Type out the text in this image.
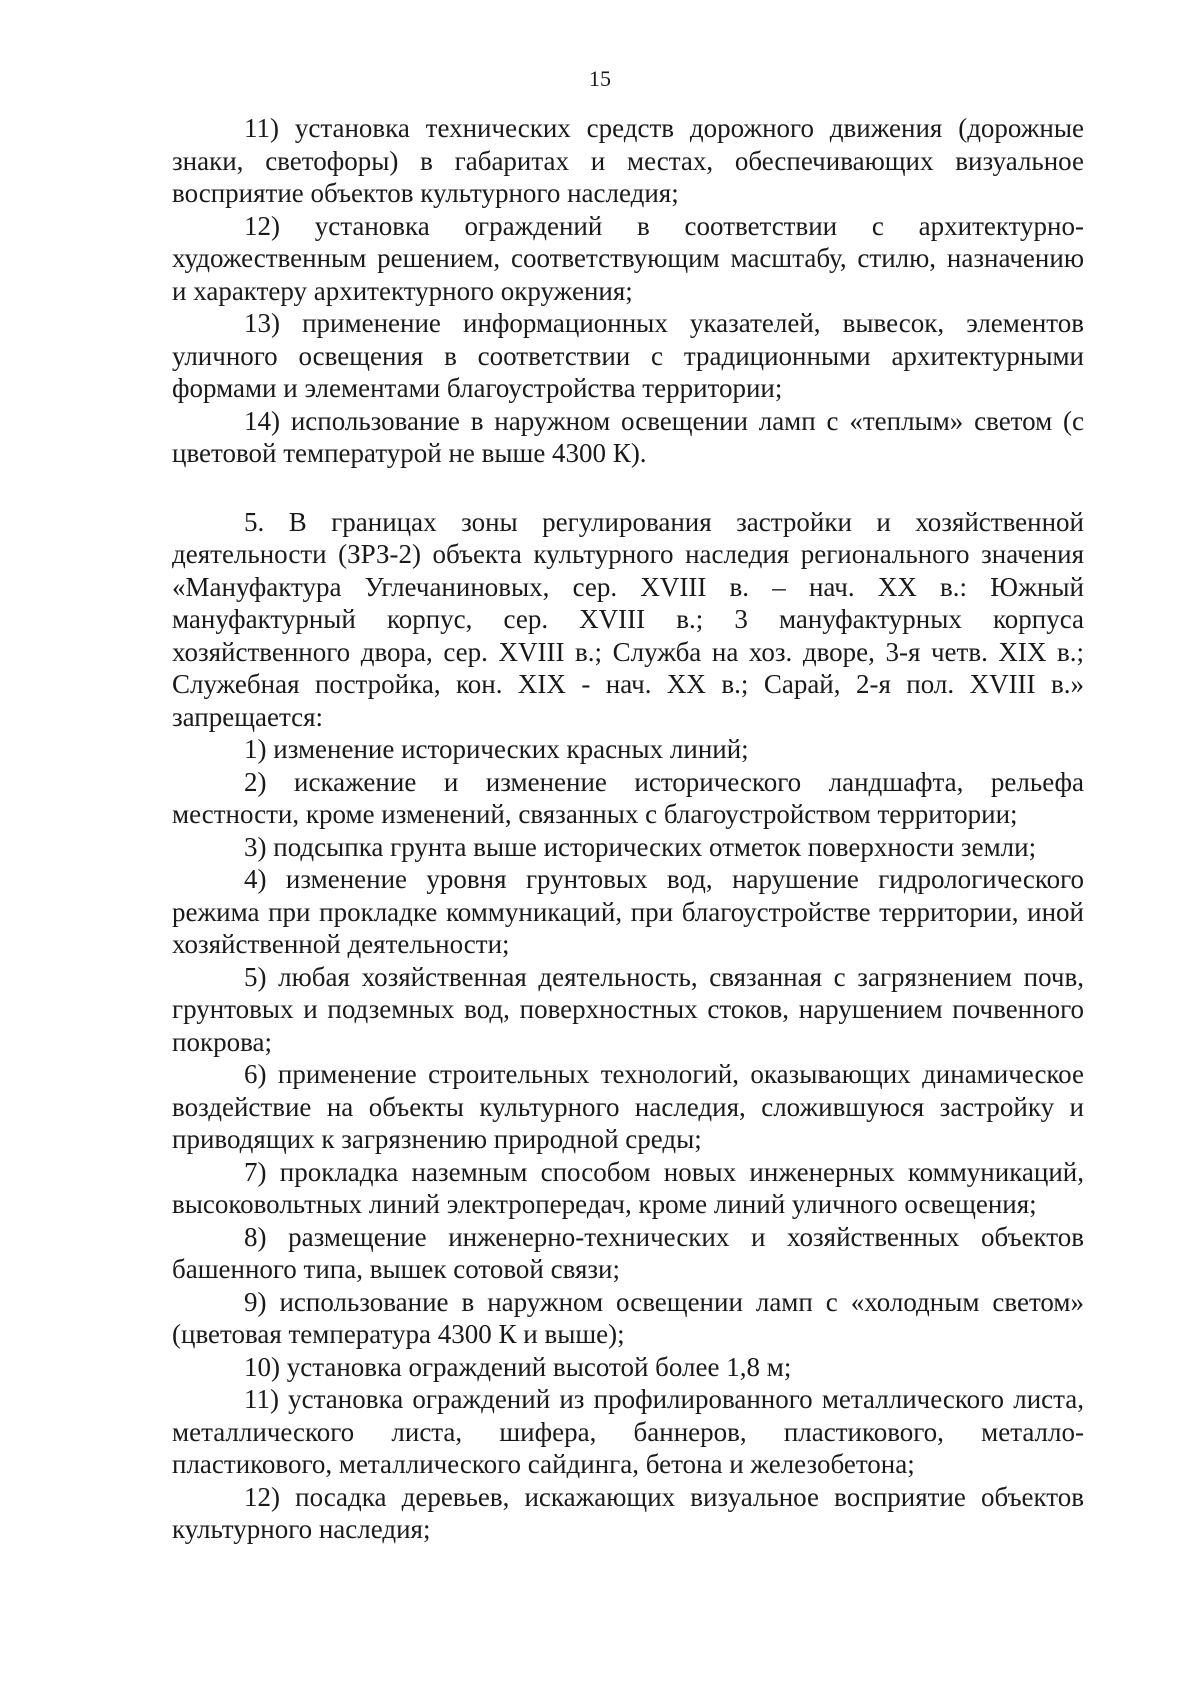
15

11) установка технических средств дорожного движения (дорожные знаки, светофоры) в габаритах и местах, обеспечивающих визуальное восприятие объектов культурного наследия;

12) установка ограждений в соответствии с архитектурно-художественным решением, соответствующим масштабу, стилю, назначению и характеру архитектурного окружения;

13) применение информационных указателей, вывесок, элементов уличного освещения в соответствии с традиционными архитектурными формами и элементами благоустройства территории;

14) использование в наружном освещении ламп с «теплым» светом (с цветовой температурой не выше 4300 К).

5. В границах зоны регулирования застройки и хозяйственной деятельности (ЗРЗ-2) объекта культурного наследия регионального значения «Мануфактура Углечаниновых, сер. XVIII в. – нач. XX в.: Южный мануфактурный корпус, сер. XVIII в.; 3 мануфактурных корпуса хозяйственного двора, сер. XVIII в.; Служба на хоз. дворе, 3-я четв. XIX в.; Служебная постройка, кон. XIX - нач. XX в.; Сарай, 2-я пол. XVIII в.» запрещается:

1) изменение исторических красных линий;

2) искажение и изменение исторического ландшафта, рельефа местности, кроме изменений, связанных с благоустройством территории;

3) подсыпка грунта выше исторических отметок поверхности земли;

4) изменение уровня грунтовых вод, нарушение гидрологического режима при прокладке коммуникаций, при благоустройстве территории, иной хозяйственной деятельности;

5) любая хозяйственная деятельность, связанная с загрязнением почв, грунтовых и подземных вод, поверхностных стоков, нарушением почвенного покрова;

6) применение строительных технологий, оказывающих динамическое воздействие на объекты культурного наследия, сложившуюся застройку и приводящих к загрязнению природной среды;

7) прокладка наземным способом новых инженерных коммуникаций, высоковольтных линий электропередач, кроме линий уличного освещения;

8) размещение инженерно-технических и хозяйственных объектов башенного типа, вышек сотовой связи;

9) использование в наружном освещении ламп с «холодным светом» (цветовая температура 4300 К и выше);

10) установка ограждений высотой более 1,8 м;

11) установка ограждений из профилированного металлического листа, металлического листа, шифера, баннеров, пластикового, металло-пластикового, металлического сайдинга, бетона и железобетона;

12) посадка деревьев, искажающих визуальное восприятие объектов культурного наследия;
